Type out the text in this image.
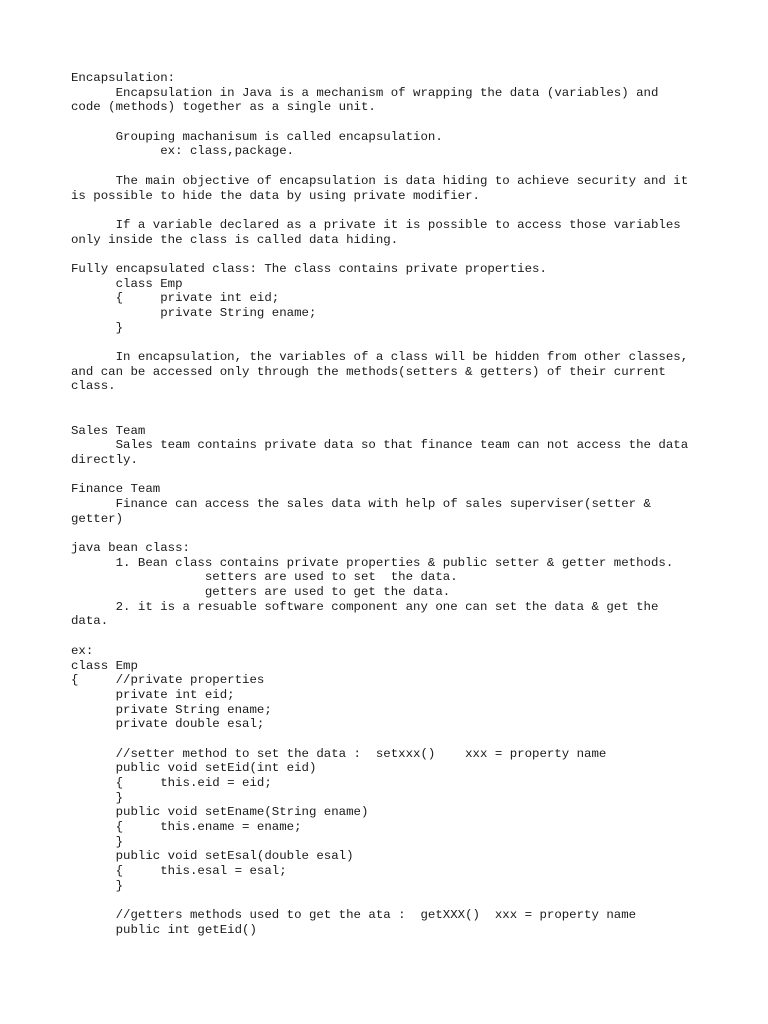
Encapsulation:
Encapsulation in Java is a mechanism of wrapping the data (variables) and
code (methods) together as a single unit.
Grouping machanisum is called encapsulation.
ex: class,package.
The main objective of encapsulation is data hiding to achieve security and it
is possible to hide the data by using private modifier.
If a variable declared as a private it is possible to access those variables
only inside the class is called data hiding.
Fully encapsulated class: The class contains private properties.
class Emp
{     private int eid;
private String ename;
}
In encapsulation, the variables of a class will be hidden from other classes,
and can be accessed only through the methods(setters & getters) of their current
class.
Sales Team
Sales team contains private data so that finance team can not access the data
directly.
Finance Team
Finance can access the sales data with help of sales superviser(setter &
getter)
java bean class:
1. Bean class contains private properties & public setter & getter methods.
setters are used to set  the data.
getters are used to get the data.
2. it is a resuable software component any one can set the data & get the
data.
ex:
class Emp
{     //private properties
private int eid;
private String ename;
private double esal;
//setter method to set the data :  setxxx()    xxx = property name
public void setEid(int eid)
{     this.eid = eid;
}
public void setEname(String ename)
{     this.ename = ename;
}
public void setEsal(double esal)
{     this.esal = esal;
}
//getters methods used to get the ata :  getXXX()  xxx = property name
public int getEid()
